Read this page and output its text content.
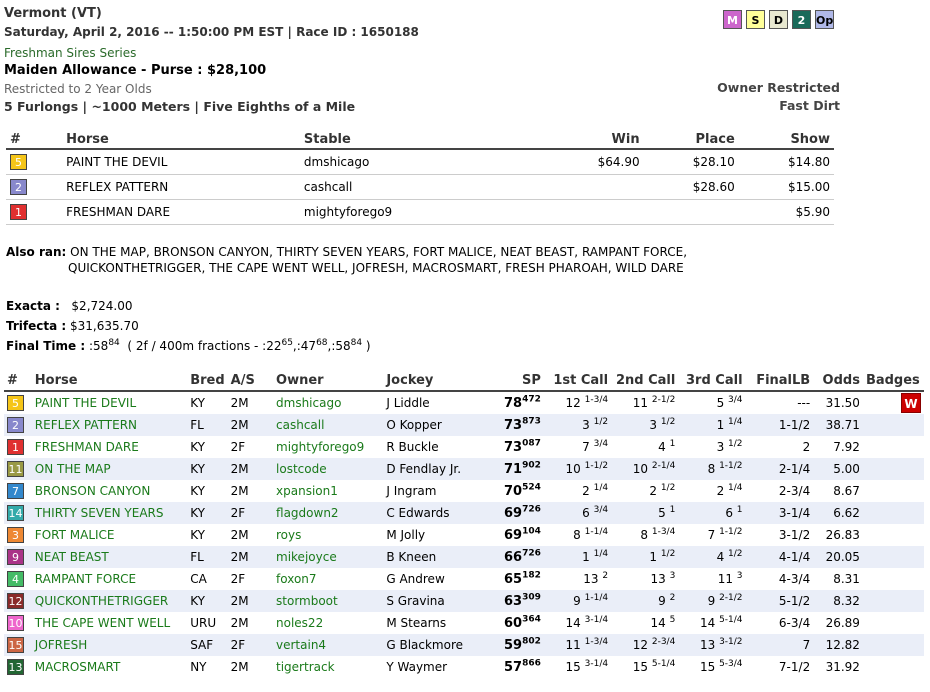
Vermont (VT)
Saturday, April 2, 2016 -- 1:50:00 PM EST | Race ID : 1650188
Freshman Sires Series
Maiden Allowance - Purse : $28,100
Restricted to 2 Year Olds
5 Furlongs | ~1000 Meters | Five Eighths of a Mile
M	S	D	2 Op
Owner Restricted
Fast Dirt
#	Horse	Stable	Win	Place	Show
5	PAINT THE DEVIL	dmshicago	$64.90	$28.10	$14.80
2	REFLEX PATTERN	cashcall		$28.60	$15.00
1	FRESHMAN DARE	mightyforego9			$5.90
Also ran: ON THE MAP, BRONSON CANYON, THIRTY SEVEN YEARS, FORT MALICE, NEAT BEAST, RAMPANT FORCE,
QUICKONTHETRIGGER, THE CAPE WENT WELL, JOFRESH, MACROSMART, FRESH PHAROAH, WILD DARE
Exacta : $2,724.00
Trifecta : $31,635.70
Final Time : $:58^{84}$ ( 2f / 400m fractions - $:22^{65},:47^{68},:58^{84}$ )
#	Horse	Bred	A/S	Owner	Jockey	SP	1st Call	2nd Call	3rd Call	FinalLB	Odds	Badges
5	PAINT THE DEVIL	KY	2M	dmshicago	J Liddle	$78^{472}$	12 $^{1-3/4}$	11 $^{2-1/2}$	5 $^{3/4}$	---	31.50	W
2	REFLEX PATTERN	FL	2M	cashcall	O Kopper	$73^{873}$	3 $^{1/2}$	3 $^{1/2}$	1 $^{1/4}$	1-1/2	38.71	
1	FRESHMAN DARE	KY	2F	mightyforego9	R Buckle	$73^{087}$	7 $^{3/4}$	4 $^1$	3 $^{1/2}$	2	7.92	
11	ON THE MAP	KY	2M	lostcode	D Fendlay Jr.	$71^{902}$	10 $^{1-1/2}$	10 $^{2-1/4}$	8 $^{1-1/2}$	2-1/4	5.00	
7	BRONSON CANYON	KY	2M	xpansion1	J Ingram	$70^{524}$	2 $^{1/4}$	2 $^{1/2}$	2 $^{1/4}$	2-3/4	8.67	
14	THIRTY SEVEN YEARS	KY	2F	flagdown2	C Edwards	$69^{726}$	6 $^{3/4}$	5 $^1$	6 $^1$	3-1/4	6.62	
3	FORT MALICE	KY	2M	roys	M Jolly	$69^{104}$	8 $^{1-1/4}$	8 $^{1-3/4}$	7 $^{1-1/2}$	3-1/2	26.83	
9	NEAT BEAST	FL	2M	mikejoyce	B Kneen	$66^{726}$	1 $^{1/4}$	1 $^{1/2}$	4 $^{1/2}$	4-1/4	20.05	
4	RAMPANT FORCE	CA	2F	foxon7	G Andrew	$65^{182}$	13 $^2$	13 $^3$	11 $^3$	4-3/4	8.31	
12	QUICKONTHETRIGGER	KY	2M	stormboot	S Gravina	$63^{309}$	9 $^{1-1/4}$	9 $^2$	9 $^{2-1/2}$	5-1/2	8.32	
10	THE CAPE WENT WELL	URU	2M	noles22	M Stearns	$60^{364}$	14 $^{3-1/4}$	14 $^5$	14 $^{5-1/4}$	6-3/4	26.89	
15	JOFRESH	SAF	2F	vertain4	G Blackmore	$59^{802}$	11 $^{1-3/4}$	12 $^{2-3/4}$	13 $^{3-1/2}$	7	12.82	
13	MACROSMART	NY	2M	tigertrack	Y Waymer	$57^{866}$	15 $^{3-1/4}$	15 $^{5-1/4}$	15 $^{5-3/4}$	7-1/2	31.92	
